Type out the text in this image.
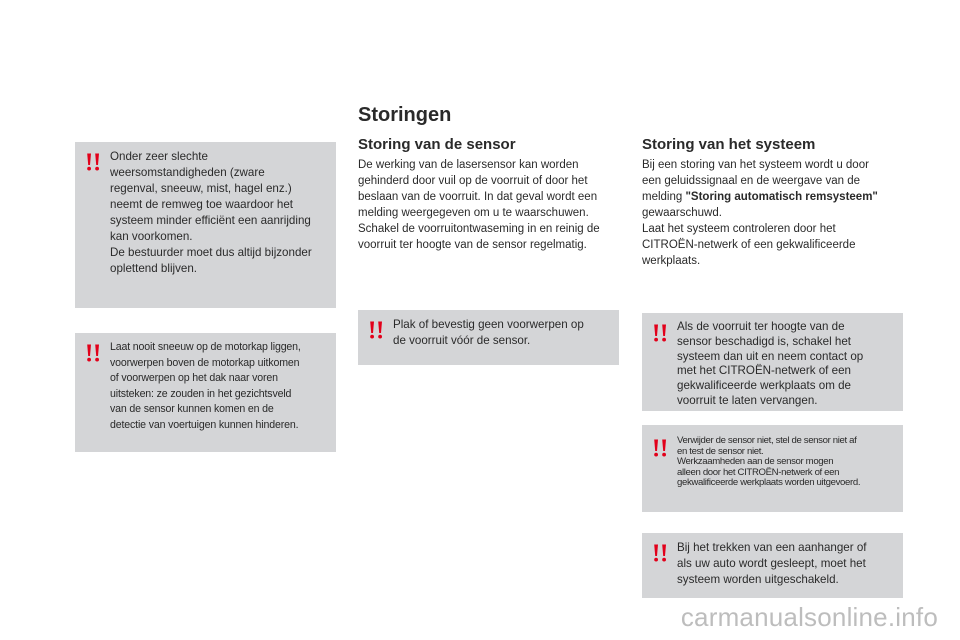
Onder zeer slechte
weersomstandigheden (zware
regenval, sneeuw, mist, hagel enz.)
neemt de remweg toe waardoor het
systeem minder efficiënt een aanrijding
kan voorkomen.
De bestuurder moet dus altijd bijzonder
oplettend blijven.
Laat nooit sneeuw op de motorkap liggen,
voorwerpen boven de motorkap uitkomen
of voorwerpen op het dak naar voren
uitsteken: ze zouden in het gezichtsveld
van de sensor kunnen komen en de
detectie van voertuigen kunnen hinderen.
Storingen
Storing van de sensor
De werking van de lasersensor kan worden
gehinderd door vuil op de voorruit of door het
beslaan van de voorruit. In dat geval wordt een
melding weergegeven om u te waarschuwen.
Schakel de voorruitontwaseming in en reinig de
voorruit ter hoogte van de sensor regelmatig.
Plak of bevestig geen voorwerpen op
de voorruit vóór de sensor.
Storing van het systeem
Bij een storing van het systeem wordt u door
een geluidssignaal en de weergave van de
melding "Storing automatisch remsysteem"
gewaarschuwd.
Laat het systeem controleren door het
CITROËN-netwerk of een gekwalificeerde
werkplaats.
Als de voorruit ter hoogte van de
sensor beschadigd is, schakel het
systeem dan uit en neem contact op
met het CITROËN-netwerk of een
gekwalificeerde werkplaats om de
voorruit te laten vervangen.
Verwijder de sensor niet, stel de sensor niet af
en test de sensor niet.
Werkzaamheden aan de sensor mogen
alleen door het CITROËN-netwerk of een
gekwalificeerde werkplaats worden uitgevoerd.
Bij het trekken van een aanhanger of
als uw auto wordt gesleept, moet het
systeem worden uitgeschakeld.
carmanualsonline.info
